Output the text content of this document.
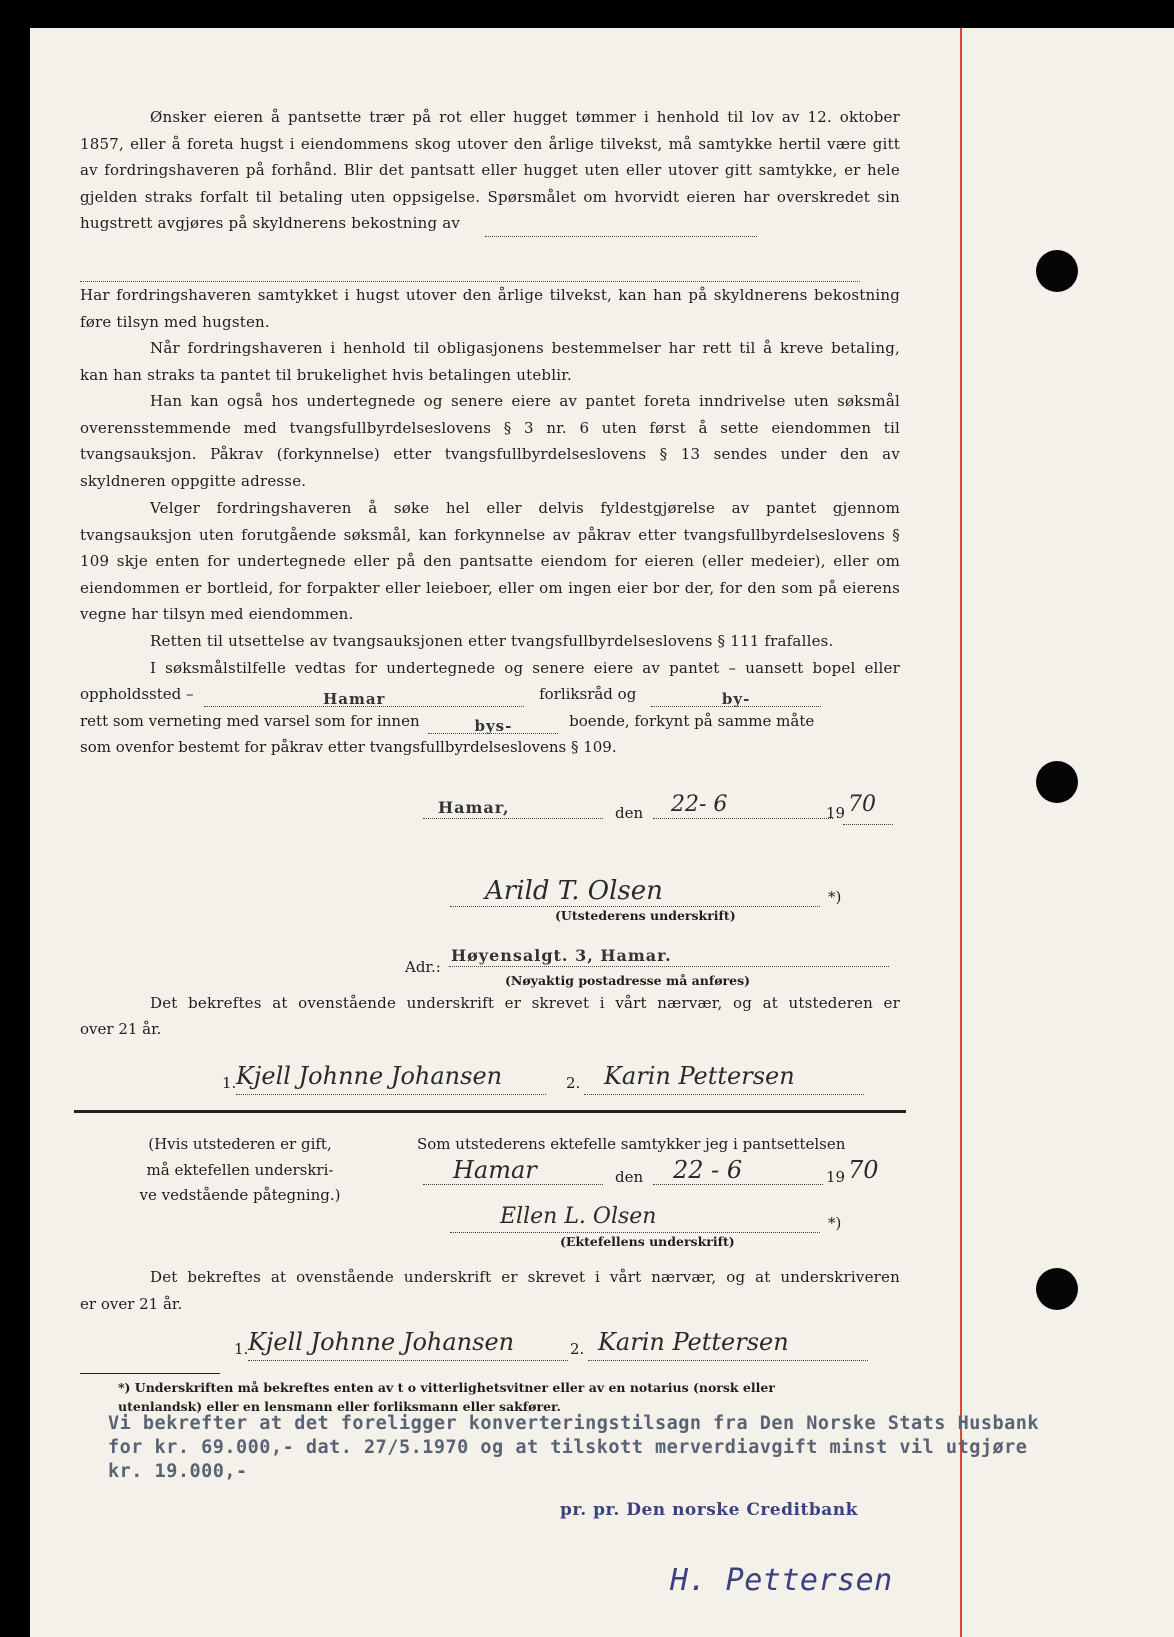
Ønsker eieren å pantsette trær på rot eller hugget tømmer i henhold til lov av 12. oktober 1857, eller å foreta hugst i eiendommens skog utover den årlige tilvekst, må samtykke hertil være gitt av fordringshaveren på forhånd. Blir det pantsatt eller hugget uten eller utover gitt samtykke, er hele gjelden straks forfalt til betaling uten oppsigelse. Spørsmålet om hvorvidt eieren har overskredet sin hugstrett avgjøres på skyldnerens bekostning av
Har fordringshaveren samtykket i hugst utover den årlige tilvekst, kan han på skyldnerens bekostning føre tilsyn med hugsten.
Når fordringshaveren i henhold til obligasjonens bestemmelser har rett til å kreve betaling, kan han straks ta pantet til brukelighet hvis betalingen uteblir.
Han kan også hos undertegnede og senere eiere av pantet foreta inndrivelse uten søksmål overensstemmende med tvangsfullbyrdelseslovens § 3 nr. 6 uten først å sette eiendommen til tvangsauksjon. Påkrav (forkynnelse) etter tvangsfullbyrdelseslovens § 13 sendes under den av skyldneren oppgitte adresse.
Velger fordringshaveren å søke hel eller delvis fyldestgjørelse av pantet gjennom tvangsauksjon uten forutgående søksmål, kan forkynnelse av påkrav etter tvangsfullbyrdelseslovens § 109 skje enten for undertegnede eller på den pantsatte eiendom for eieren (eller medeier), eller om eiendommen er bortleid, for forpakter eller leieboer, eller om ingen eier bor der, for den som på eierens vegne har tilsyn med eiendommen.
Retten til utsettelse av tvangsauksjonen etter tvangsfullbyrdelseslovens § 111 frafalles.
I søksmålstilfelle vedtas for undertegnede og senere eiere av pantet – uansett bopel eller
oppholdssted –	Hamar	forliksråd og	by-
rett som verneting med varsel som for innen	bys-	boende, forkynt på samme måte
som ovenfor bestemt for påkrav etter tvangsfullbyrdelseslovens § 109.
Hamar,	den	22- 6	19 70
Arild T. Olsen	*)
(Utstederens underskrift)
Adr.:
Høyensalgt. 3, Hamar.
(Nøyaktig postadresse må anføres)
Det bekreftes at ovenstående underskrift er skrevet i vårt nærvær, og at utstederen er
over 21 år.
1. Kjell Johnne Johansen	2. Karin Pettersen
(Hvis utstederen er gift,
må ektefellen underskri-
ve vedstående påtegning.)
Som utstederens ektefelle samtykker jeg i pantsettelsen
Hamar	den	22 - 6	19 70
Ellen L. Olsen	*)
(Ektefellens underskrift)
Det bekreftes at ovenstående underskrift er skrevet i vårt nærvær, og at underskriveren
er over 21 år.
1. Kjell Johnne Johansen	2. Karin Pettersen
*) Underskriften må bekreftes enten av t o vitterlighetsvitner eller av en notarius (norsk eller
utenlandsk) eller en lensmann eller forliksmann eller sakfører.
Vi bekrefter at det foreligger konverteringstilsagn fra Den Norske Stats Husbank
for kr. 69.000,- dat. 27/5.1970 og at tilskott merverdiavgift minst vil utgjøre
kr. 19.000,-
pr. pr. Den norske Creditbank
H. Pettersen
